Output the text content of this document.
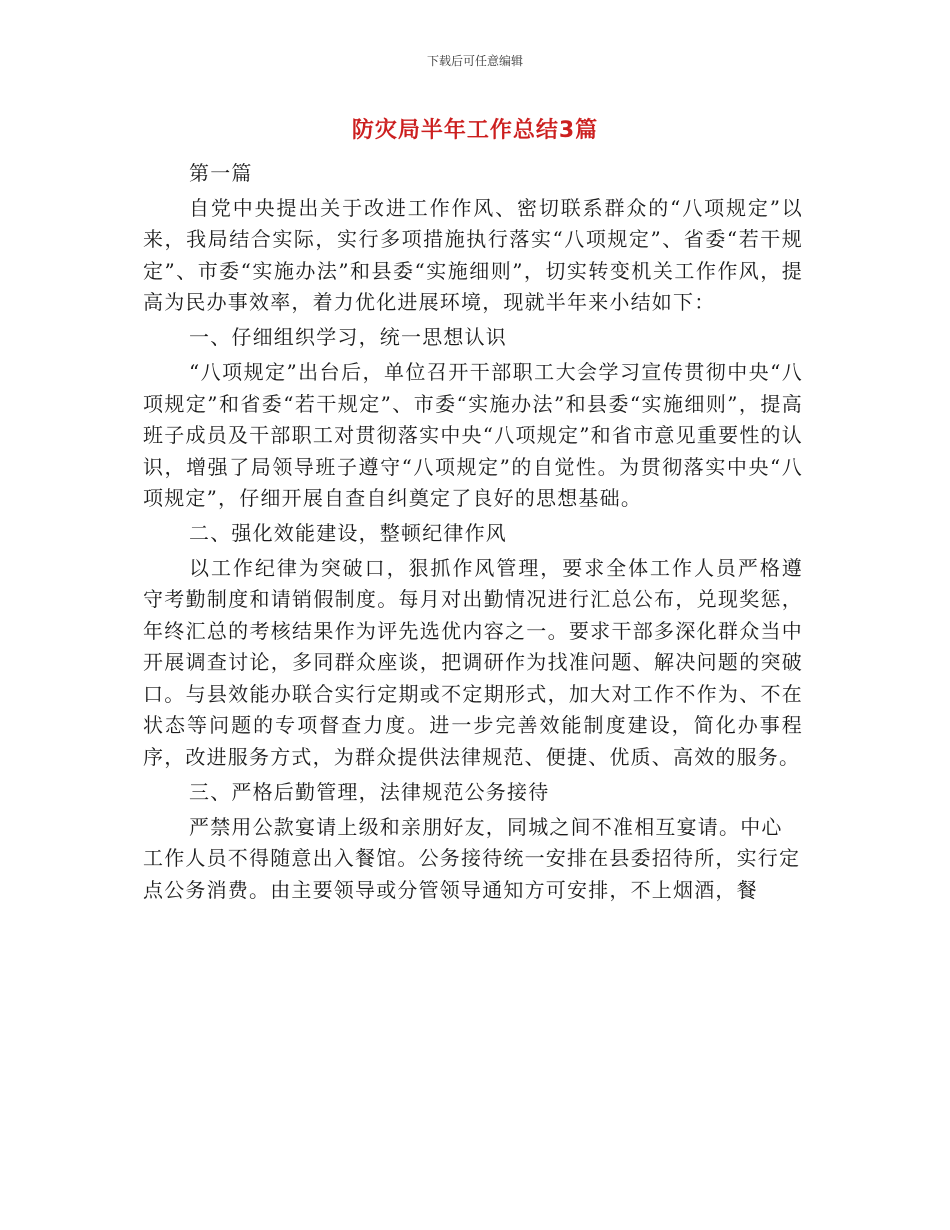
下载后可任意编辑
防灾局半年工作总结3篇

第一篇

自党中央提出关于改进工作作风、密切联系群众的“八项规定”以来，我局结合实际，实行多项措施执行落实“八项规定”、省委“若干规定”、市委“实施办法”和县委“实施细则”，切实转变机关工作作风，提高为民办事效率，着力优化进展环境，现就半年来小结如下：

一、仔细组织学习，统一思想认识

“八项规定”出台后，单位召开干部职工大会学习宣传贯彻中央“八项规定”和省委“若干规定”、市委“实施办法”和县委“实施细则”，提高班子成员及干部职工对贯彻落实中央“八项规定”和省市意见重要性的认识，增强了局领导班子遵守“八项规定”的自觉性。为贯彻落实中央“八项规定”，仔细开展自查自纠奠定了良好的思想基础。

二、强化效能建设，整顿纪律作风

以工作纪律为突破口，狠抓作风管理，要求全体工作人员严格遵守考勤制度和请销假制度。每月对出勤情况进行汇总公布，兑现奖惩，年终汇总的考核结果作为评先选优内容之一。要求干部多深化群众当中开展调查讨论，多同群众座谈，把调研作为找准问题、解决问题的突破口。与县效能办联合实行定期或不定期形式，加大对工作不作为、不在状态等问题的专项督查力度。进一步完善效能制度建设，简化办事程序，改进服务方式，为群众提供法律规范、便捷、优质、高效的服务。

三、严格后勤管理，法律规范公务接待

严禁用公款宴请上级和亲朋好友，同城之间不准相互宴请。中心工作人员不得随意出入餐馆。公务接待统一安排在县委招待所，实行定点公务消费。由主要领导或分管领导通知方可安排，不上烟酒，餐
